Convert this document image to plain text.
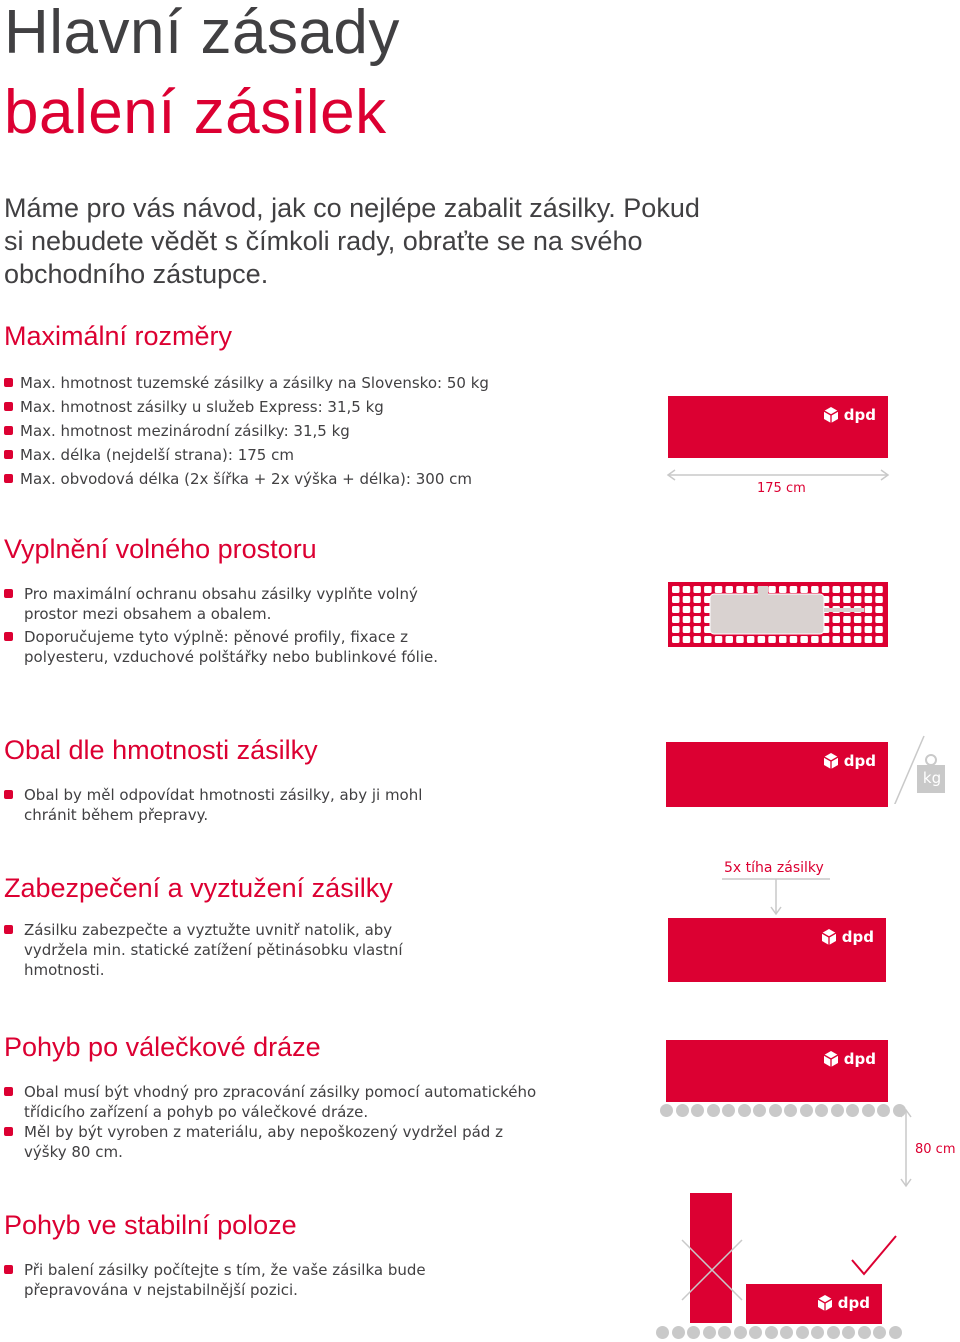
Hlavní zásady
balení zásilek
Máme pro vás návod, jak co nejlépe zabalit zásilky. Pokud si nebudete vědět s čímkoli rady, obraťte se na svého obchodního zástupce.
Maximální rozměry
Max. hmotnost tuzemské zásilky a zásilky na Slovensko: 50 kg
Max. hmotnost zásilky u služeb Express: 31,5 kg
Max. hmotnost mezinárodní zásilky: 31,5 kg
Max. délka (nejdelší strana): 175 cm
Max. obvodová délka (2x šířka + 2x výška + délka): 300 cm
dpd
175 cm
Vyplnění volného prostoru
Pro maximální ochranu obsahu zásilky vyplňte volný prostor mezi obsahem a obalem.
Doporučujeme tyto výplně: pěnové profily, fixace z polyesteru, vzduchové polštářky nebo bublinkové fólie.
Obal dle hmotnosti zásilky
Obal by měl odpovídat hmotnosti zásilky, aby ji mohl chránit během přepravy.
dpd
kg
Zabezpečení a vyztužení zásilky
Zásilku zabezpečte a vyztužte uvnitř natolik, aby vydržela min. statické zatížení pětinásobku vlastní hmotnosti.
5x tíha zásilky
dpd
Pohyb po válečkové dráze
Obal musí být vhodný pro zpracování zásilky pomocí automatického třídicího zařízení a pohyb po válečkové dráze.
Měl by být vyroben z materiálu, aby nepoškozený vydržel pád z výšky 80 cm.
dpd
80 cm
Pohyb ve stabilní poloze
Při balení zásilky počítejte s tím, že vaše zásilka bude přepravována v nejstabilnější pozici.
dpd
